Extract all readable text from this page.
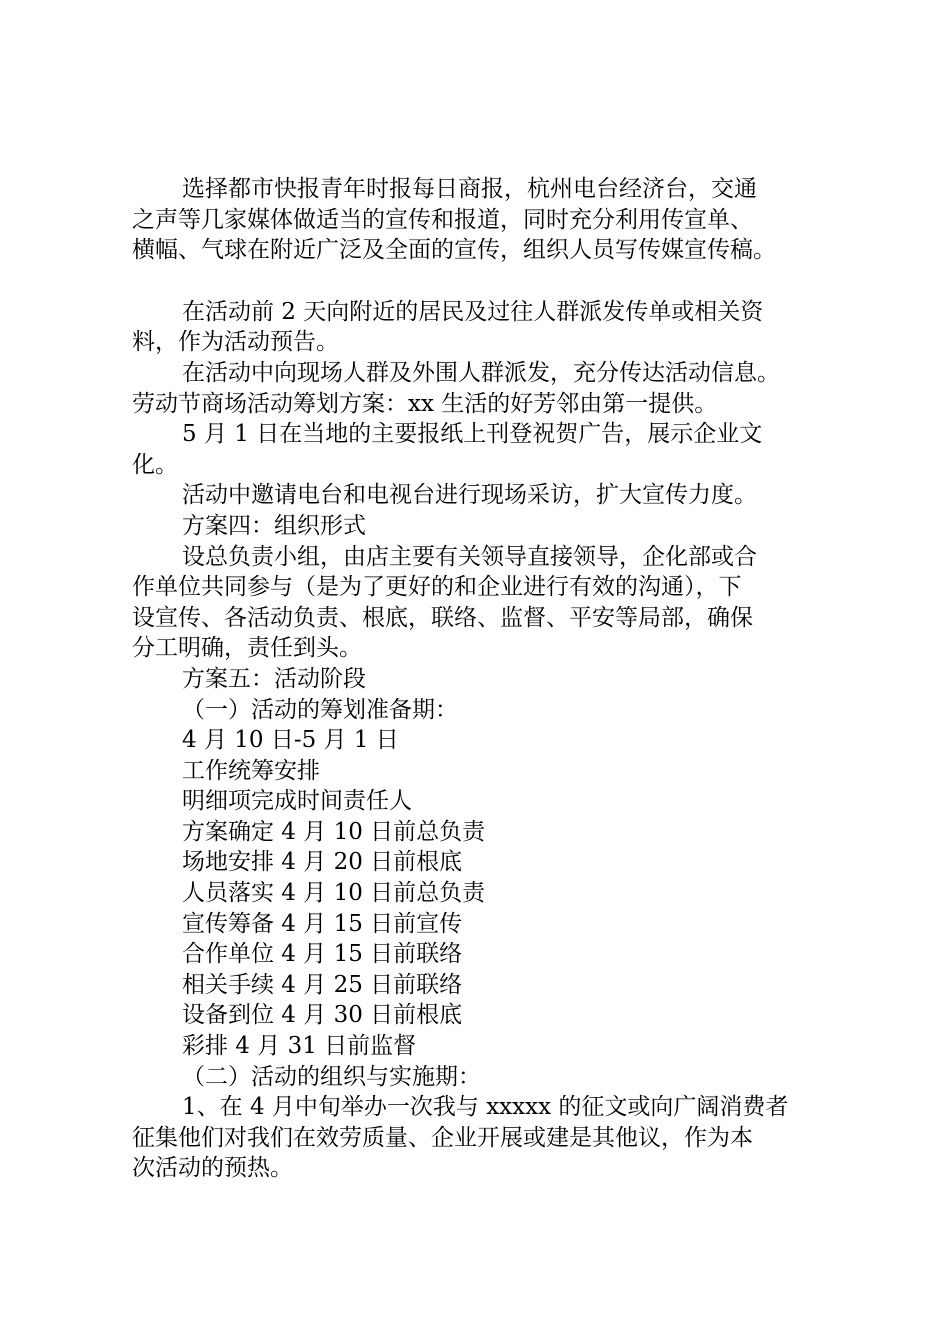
选择都市快报青年时报每日商报，杭州电台经济台，交通

之声等几家媒体做适当的宣传和报道，同时充分利用传宣单、

横幅、气球在附近广泛及全面的宣传，组织人员写传媒宣传稿。

在活动前 2 天向附近的居民及过往人群派发传单或相关资

料，作为活动预告。

在活动中向现场人群及外围人群派发，充分传达活动信息。

劳动节商场活动筹划方案：xx 生活的好芳邻由第一提供。

5 月 1 日在当地的主要报纸上刊登祝贺广告，展示企业文

化。

活动中邀请电台和电视台进行现场采访，扩大宣传力度。

方案四：组织形式

设总负责小组，由店主要有关领导直接领导，企化部或合

作单位共同参与（是为了更好的和企业进行有效的沟通），下

设宣传、各活动负责、根底，联络、监督、平安等局部，确保

分工明确，责任到头。

方案五：活动阶段

（一）活动的筹划准备期：

4 月 10 日-5 月 1 日

工作统筹安排

明细项完成时间责任人

方案确定 4 月 10 日前总负责

场地安排 4 月 20 日前根底

人员落实 4 月 10 日前总负责

宣传筹备 4 月 15 日前宣传

合作单位 4 月 15 日前联络

相关手续 4 月 25 日前联络

设备到位 4 月 30 日前根底

彩排 4 月 31 日前监督

（二）活动的组织与实施期：

1、在 4 月中旬举办一次我与 xxxxx 的征文或向广阔消费者

征集他们对我们在效劳质量、企业开展或建是其他议，作为本

次活动的预热。
